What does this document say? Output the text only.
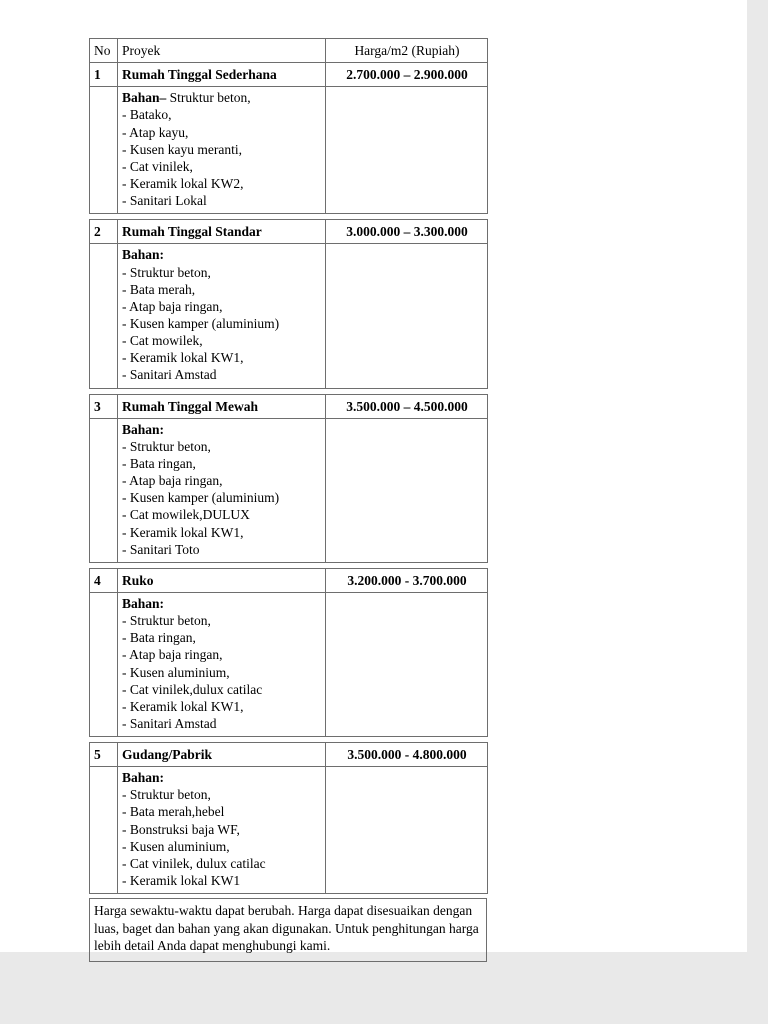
No	Proyek	Harga/m2 (Rupiah)
1	Rumah Tinggal Sederhana	2.700.000 – 2.900.000

Bahan– Struktur beton,
- Batako,
- Atap kayu,
- Kusen kayu meranti,
- Cat vinilek,
- Keramik lokal KW2,
- Sanitari Lokal

2	Rumah Tinggal Standar	3.000.000 – 3.300.000

Bahan:
- Struktur beton,
- Bata merah,
- Atap baja ringan,
- Kusen kamper (aluminium)
- Cat mowilek,
- Keramik lokal KW1,
- Sanitari Amstad

3	Rumah Tinggal Mewah	3.500.000 – 4.500.000

Bahan:
- Struktur beton,
- Bata ringan,
- Atap baja ringan,
- Kusen kamper (aluminium)
- Cat mowilek,DULUX
- Keramik lokal KW1,
- Sanitari Toto

4	Ruko	3.200.000 - 3.700.000

Bahan:
- Struktur beton,
- Bata ringan,
- Atap baja ringan,
- Kusen aluminium,
- Cat vinilek,dulux catilac
- Keramik lokal KW1,
- Sanitari Amstad

5	Gudang/Pabrik	3.500.000 - 4.800.000

Bahan:
- Struktur beton,
- Bata merah,hebel
- Bonstruksi baja WF,
- Kusen aluminium,
- Cat vinilek, dulux catilac
- Keramik lokal KW1

Harga sewaktu-waktu dapat berubah. Harga dapat disesuaikan dengan luas, baget dan bahan yang akan digunakan. Untuk penghitungan harga lebih detail Anda dapat menghubungi kami.
